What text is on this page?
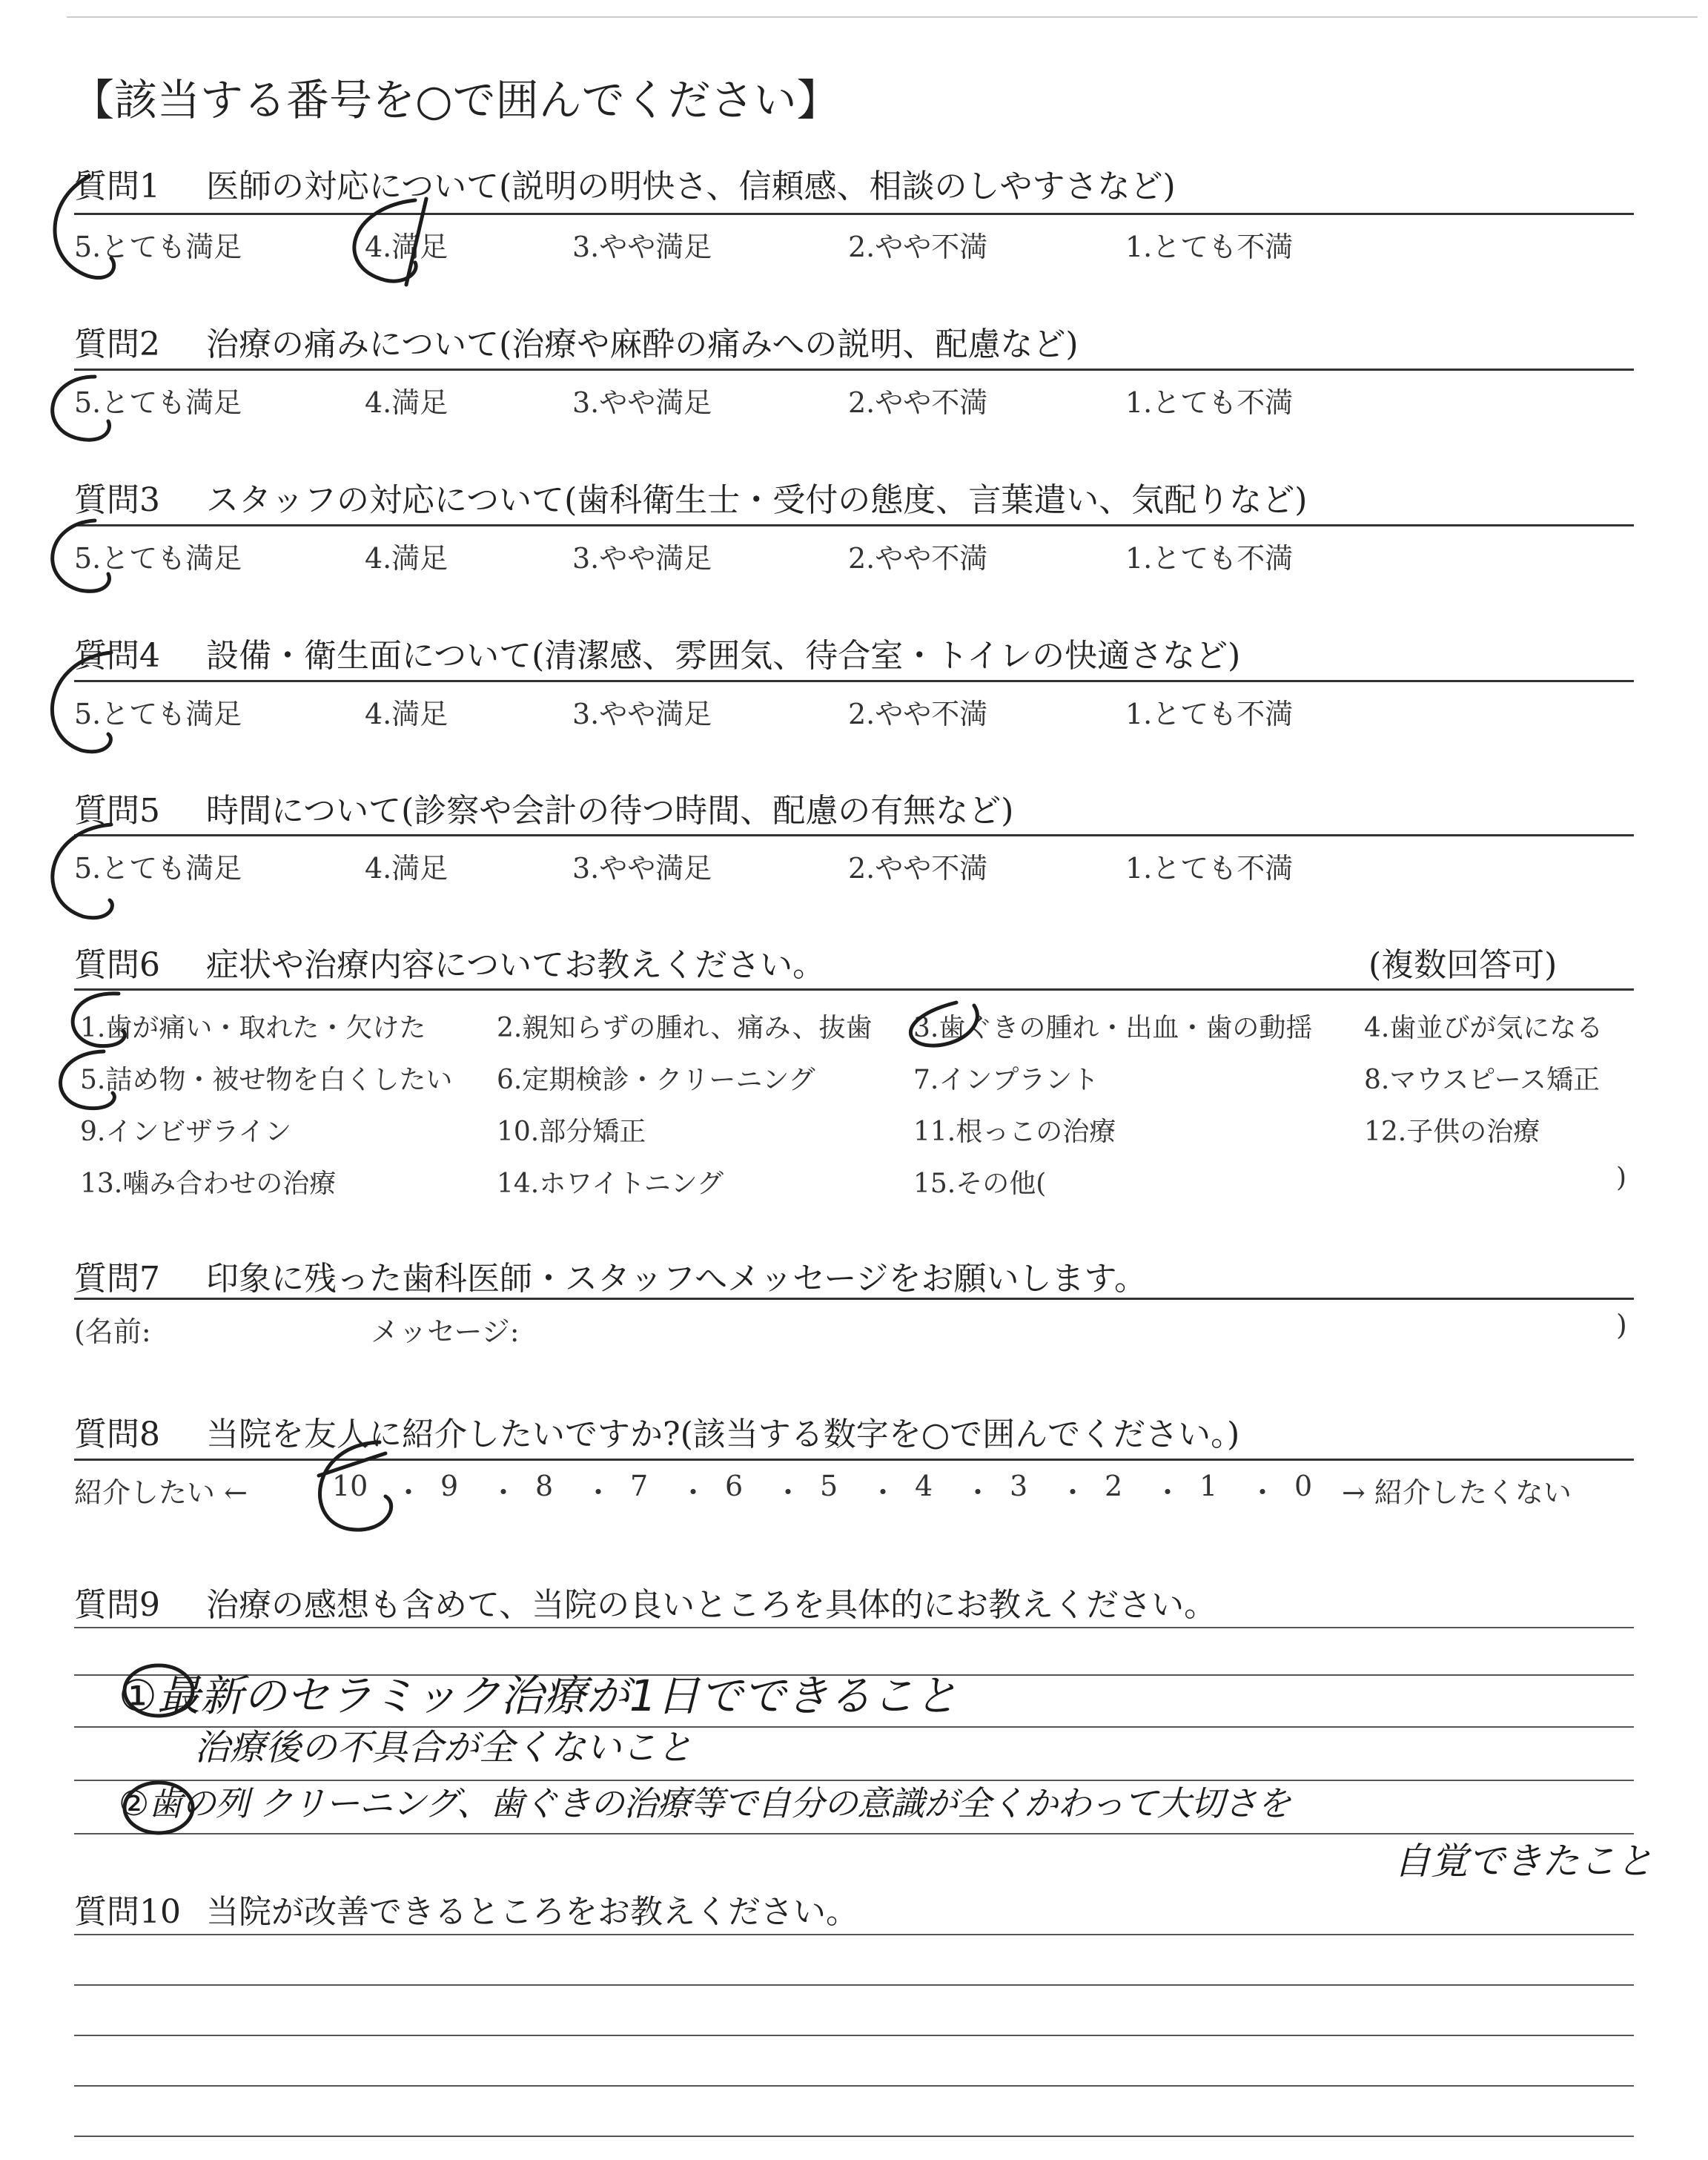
【該当する番号を○で囲んでください】
質問1 医師の対応について(説明の明快さ、信頼感、相談のしやすさなど)
5.とても満足	4.満足	3.やや満足	2.やや不満	1.とても不満
質問2 治療の痛みについて(治療や麻酔の痛みへの説明、配慮など)
5.とても満足	4.満足	3.やや満足	2.やや不満	1.とても不満
質問3 スタッフの対応について(歯科衛生士・受付の態度、言葉遣い、気配りなど)
5.とても満足	4.満足	3.やや満足	2.やや不満	1.とても不満
質問4 設備・衛生面について(清潔感、雰囲気、待合室・トイレの快適さなど)
5.とても満足	4.満足	3.やや満足	2.やや不満	1.とても不満
質問5 時間について(診察や会計の待つ時間、配慮の有無など)
5.とても満足	4.満足	3.やや満足	2.やや不満	1.とても不満
質問6 症状や治療内容についてお教えください。	(複数回答可)
1.歯が痛い・取れた・欠けた	2.親知らずの腫れ、痛み、抜歯 3.歯ぐきの腫れ・出血・歯の動揺 4.歯並びが気になる
5.詰め物・被せ物を白くしたい 6.定期検診・クリーニング	7.インプラント	8.マウスピース矯正
9.インビザライン	10.部分矯正	11.根っこの治療	12.子供の治療
13.噛み合わせの治療	14.ホワイトニング	15.その他(	)
質問7 印象に残った歯科医師・スタッフへメッセージをお願いします。
(名前:	メッセージ:	)
質問8 当院を友人に紹介したいですか?(該当する数字を○で囲んでください。)
紹介したい ←	10 ・ 9 ・ 8 ・ 7 ・ 6 ・ 5 ・ 4 ・ 3 ・ 2 ・ 1 ・ 0 → 紹介したくない
質問9 治療の感想も含めて、当院の良いところを具体的にお教えください。
①最新のセラミック治療が1日でできること
治療後の不具合が全くないこと
②歯の列 クリーニング、歯ぐきの治療等で自分の意識が全くかわって大切さを
自覚できたこと
質問10 当院が改善できるところをお教えください。
